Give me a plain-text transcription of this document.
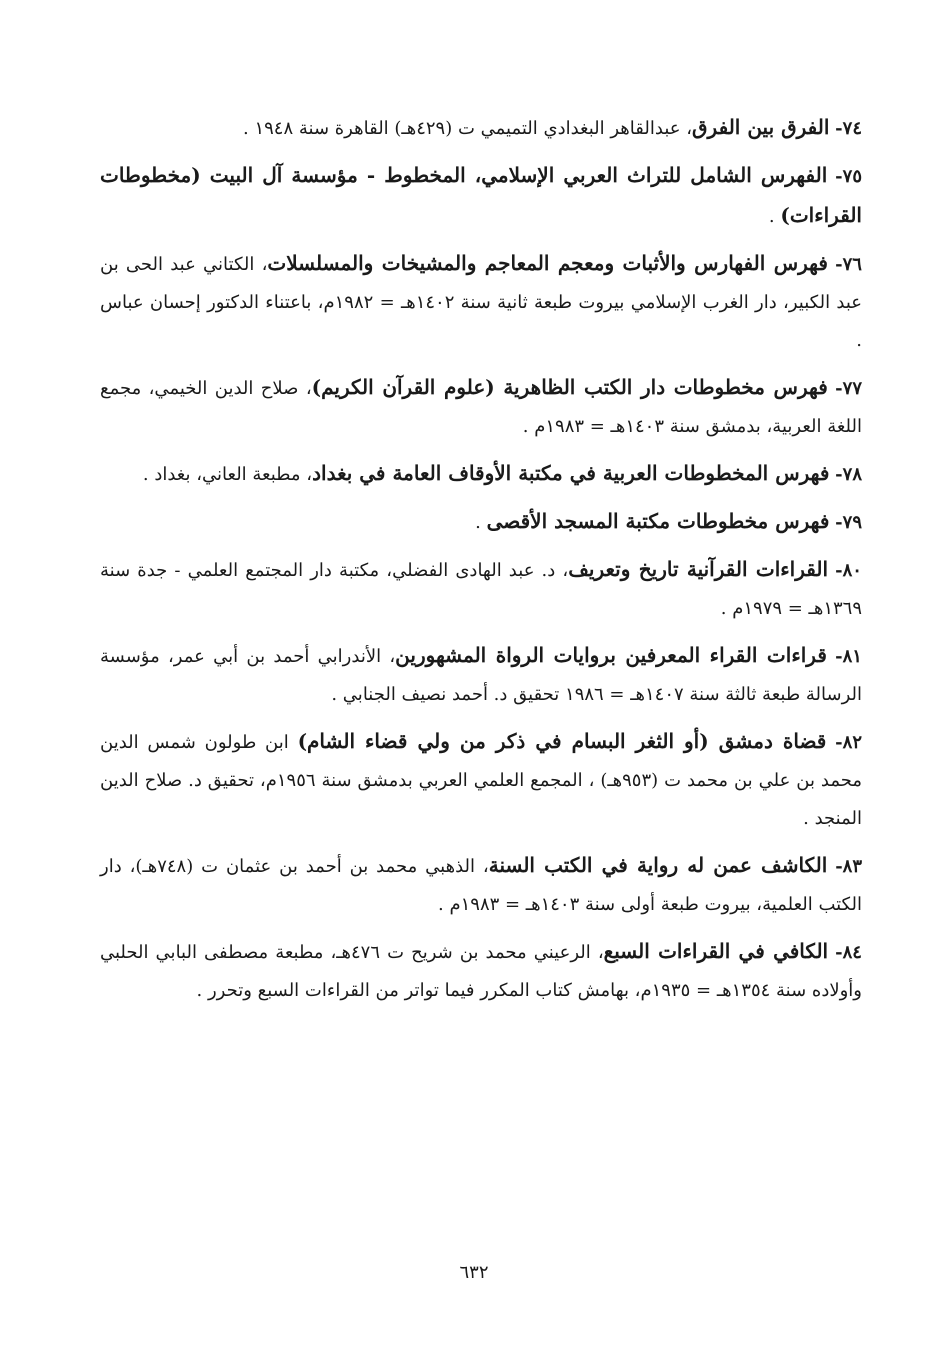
٧٤- الفرق بين الفرق، عبدالقاهر البغدادي التميمي ت (٤٢٩هـ) القاهرة سنة ١٩٤٨ .

٧٥- الفهرس الشامل للتراث العربي الإسلامي، المخطوط - مؤسسة آل البيت (مخطوطات القراءات) .

٧٦- فهرس الفهارس والأثبات ومعجم المعاجم والمشيخات والمسلسلات، الكتاني عبد الحى بن عبد الكبير، دار الغرب الإسلامي بيروت طبعة ثانية سنة ١٤٠٢هـ = ١٩٨٢م، باعتناء الدكتور إحسان عباس .

٧٧- فهرس مخطوطات دار الكتب الظاهرية (علوم القرآن الكريم)، صلاح الدين الخيمي، مجمع اللغة العربية، بدمشق سنة ١٤٠٣هـ = ١٩٨٣م .

٧٨- فهرس المخطوطات العربية في مكتبة الأوقاف العامة في بغداد، مطبعة العاني، بغداد .

٧٩- فهرس مخطوطات مكتبة المسجد الأقصى .

٨٠- القراءات القرآنية تاريخ وتعريف، د. عبد الهادى الفضلي، مكتبة دار المجتمع العلمي - جدة سنة ١٣٦٩هـ = ١٩٧٩م .

٨١- قراءات القراء المعرفين بروايات الرواة المشهورين، الأندرابي أحمد بن أبي عمر، مؤسسة الرسالة طبعة ثالثة سنة ١٤٠٧هـ = ١٩٨٦ تحقيق د. أحمد نصيف الجنابي .

٨٢- قضاة دمشق (أو الثغر البسام في ذكر من ولي قضاء الشام) ابن طولون شمس الدين محمد بن علي بن محمد ت (٩٥٣هـ) ، المجمع العلمي العربي بدمشق سنة ١٩٥٦م، تحقيق د. صلاح الدين المنجد .

٨٣- الكاشف عمن له رواية في الكتب السنة، الذهبي محمد بن أحمد بن عثمان ت (٧٤٨هـ)، دار الكتب العلمية، بيروت طبعة أولى سنة ١٤٠٣هـ = ١٩٨٣م .

٨٤- الكافي في القراءات السبع، الرعيني محمد بن شريح ت ٤٧٦هـ، مطبعة مصطفى البابي الحلبي وأولاده سنة ١٣٥٤هـ = ١٩٣٥م، بهامش كتاب المكرر فيما تواتر من القراءات السبع وتحرر .

٦٣٢
